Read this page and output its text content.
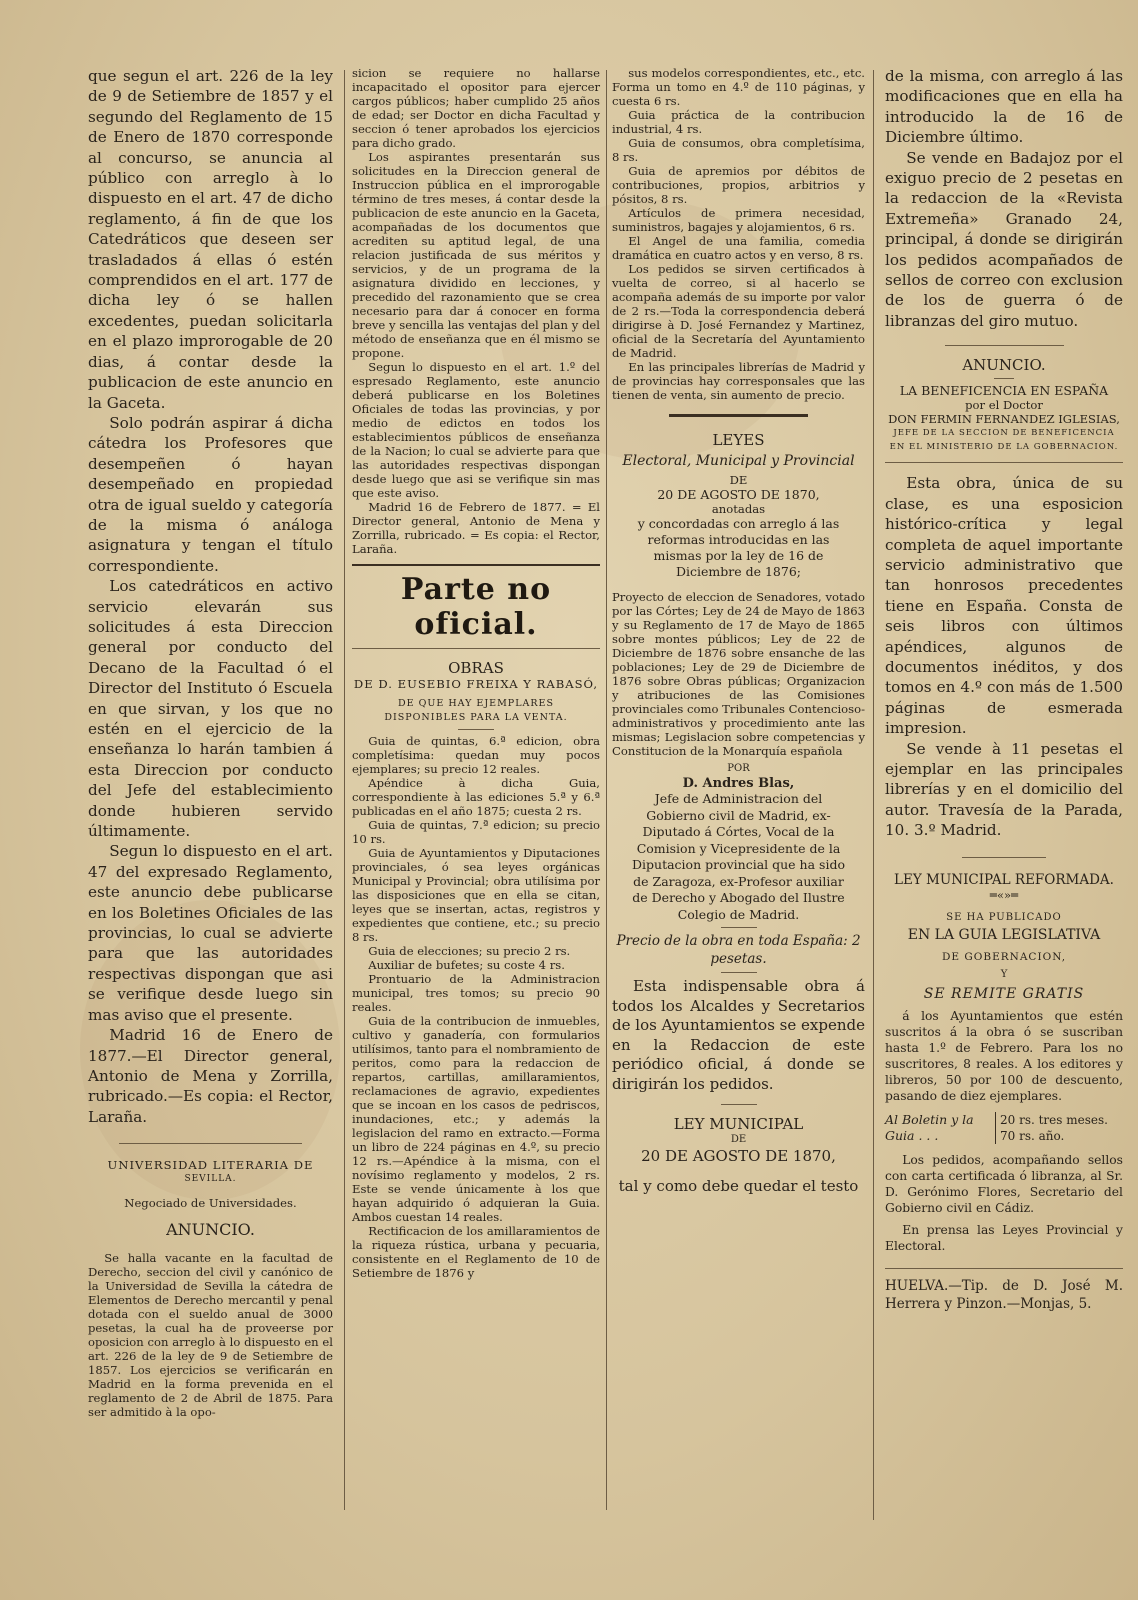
que segun el art. 226 de la ley de 9 de Setiembre de 1857 y el segundo del Reglamento de 15 de Enero de 1870 corresponde al concurso, se anuncia al público con arreglo à lo dispuesto en el art. 47 de dicho reglamento, á fin de que los Catedráticos que deseen ser trasladados á ellas ó estén comprendidos en el art. 177 de dicha ley ó se hallen excedentes, puedan solicitarla en el plazo improrogable de 20 dias, á contar desde la publicacion de este anuncio en la Gaceta.

Solo podrán aspirar á dicha cátedra los Profesores que desempeñen ó hayan desempeñado en propiedad otra de igual sueldo y categoría de la misma ó análoga asignatura y tengan el título correspondiente.

Los catedráticos en activo servicio elevarán sus solicitudes á esta Direccion general por conducto del Decano de la Facultad ó el Director del Instituto ó Escuela en que sirvan, y los que no estén en el ejercicio de la enseñanza lo harán tambien á esta Direccion por conducto del Jefe del establecimiento donde hubieren servido últimamente.

Segun lo dispuesto en el art. 47 del expresado Reglamento, este anuncio debe publicarse en los Boletines Oficiales de las provincias, lo cual se advierte para que las autoridades respectivas dispongan que asi se verifique desde luego sin mas aviso que el presente.

Madrid 16 de Enero de 1877.—El Director general, Antonio de Mena y Zorrilla, rubricado.—Es copia: el Rector, Laraña.

UNIVERSIDAD LITERARIA DE

SEVILLA.

Negociado de Universidades.

ANUNCIO.

Se halla vacante en la facultad de Derecho, seccion del civil y canónico de la Universidad de Sevilla la cátedra de Elementos de Derecho mercantil y penal dotada con el sueldo anual de 3000 pesetas, la cual ha de proveerse por oposicion con arreglo à lo dispuesto en el art. 226 de la ley de 9 de Setiembre de 1857. Los ejercicios se verificarán en Madrid en la forma prevenida en el reglamento de 2 de Abril de 1875. Para ser admitido à la opo-

sicion se requiere no hallarse incapacitado el opositor para ejercer cargos públicos; haber cumplido 25 años de edad; ser Doctor en dicha Facultad y seccion ó tener aprobados los ejercicios para dicho grado.

Los aspirantes presentarán sus solicitudes en la Direccion general de Instruccion pública en el improrogable término de tres meses, á contar desde la publicacion de este anuncio en la Gaceta, acompañadas de los documentos que acrediten su aptitud legal, de una relacion justificada de sus méritos y servicios, y de un programa de la asignatura dividido en lecciones, y precedido del razonamiento que se crea necesario para dar á conocer en forma breve y sencilla las ventajas del plan y del método de enseñanza que en él mismo se propone.

Segun lo dispuesto en el art. 1.º del espresado Reglamento, este anuncio deberá publicarse en los Boletines Oficiales de todas las provincias, y por medio de edictos en todos los establecimientos públicos de enseñanza de la Nacion; lo cual se advierte para que las autoridades respectivas dispongan desde luego que asi se verifique sin mas que este aviso.

Madrid 16 de Febrero de 1877. = El Director general, Antonio de Mena y Zorrilla, rubricado. = Es copia: el Rector, Laraña.

Parte no oficial.

OBRAS

DE D. EUSEBIO FREIXA Y RABASÓ,

DE QUE HAY EJEMPLARES DISPONIBLES PARA LA VENTA.

Guia de quintas, 6.ª edicion, obra completísima: quedan muy pocos ejemplares; su precio 12 reales.

Apéndice à dicha Guia, correspondiente à las ediciones 5.ª y 6.ª publicadas en el año 1875; cuesta 2 rs.

Guia de quintas, 7.ª edicion; su precio 10 rs.

Guia de Ayuntamientos y Diputaciones provinciales, ó sea leyes orgánicas Municipal y Provincial; obra utilísima por las disposiciones que en ella se citan, leyes que se insertan, actas, registros y expedientes que contiene, etc.; su precio 8 rs.

Guia de elecciones; su precio 2 rs.

Auxiliar de bufetes; su coste 4 rs.

Prontuario de la Administracion municipal, tres tomos; su precio 90 reales.

Guia de la contribucion de inmuebles, cultivo y ganadería, con formularios utilísimos, tanto para el nombramiento de peritos, como para la redaccion de repartos, cartillas, amillaramientos, reclamaciones de agravio, expedientes que se incoan en los casos de pedriscos, inundaciones, etc.; y además la legislacion del ramo en extracto.—Forma un libro de 224 páginas en 4.º, su precio 12 rs.—Apéndice à la misma, con el novísimo reglamento y modelos, 2 rs. Este se vende únicamente à los que hayan adquirido ó adquieran la Guia. Ambos cuestan 14 reales.

Rectificacion de los amillaramientos de la riqueza rústica, urbana y pecuaria, consistente en el Reglamento de 10 de Setiembre de 1876 y

sus modelos correspondientes, etc., etc. Forma un tomo en 4.º de 110 páginas, y cuesta 6 rs.

Guia práctica de la contribucion industrial, 4 rs.

Guia de consumos, obra completísima, 8 rs.

Guia de apremios por débitos de contribuciones, propios, arbitrios y pósitos, 8 rs.

Artículos de primera necesidad, suministros, bagajes y alojamientos, 6 rs.

El Angel de una familia, comedia dramática en cuatro actos y en verso, 8 rs.

Los pedidos se sirven certificados à vuelta de correo, si al hacerlo se acompaña además de su importe por valor de 2 rs.—Toda la correspondencia deberá dirigirse à D. José Fernandez y Martinez, oficial de la Secretaría del Ayuntamiento de Madrid.

En las principales librerías de Madrid y de provincias hay corresponsales que las tienen de venta, sin aumento de precio.

LEYES

Electoral, Municipal y Provincial

DE

20 DE AGOSTO DE 1870,

anotadas

y concordadas con arreglo á las reformas introducidas en las mismas por la ley de 16 de Diciembre de 1876;

Proyecto de eleccion de Senadores, votado por las Córtes; Ley de 24 de Mayo de 1863 y su Reglamento de 17 de Mayo de 1865 sobre montes públicos; Ley de 22 de Diciembre de 1876 sobre ensanche de las poblaciones; Ley de 29 de Diciembre de 1876 sobre Obras públicas; Organizacion y atribuciones de las Comisiones provinciales como Tribunales Contencioso-administrativos y procedimiento ante las mismas; Legislacion sobre competencias y Constitucion de la Monarquía española

POR

D. Andres Blas,

Jefe de Administracion del Gobierno civil de Madrid, ex-Diputado á Córtes, Vocal de la Comision y Vicepresidente de la Diputacion provincial que ha sido de Zaragoza, ex-Profesor auxiliar de Derecho y Abogado del Ilustre Colegio de Madrid.

Precio de la obra en toda España: 2 pesetas.

Esta indispensable obra á todos los Alcaldes y Secretarios de los Ayuntamientos se expende en la Redaccion de este periódico oficial, á donde se dirigirán los pedidos.

LEY MUNICIPAL

DE

20 DE AGOSTO DE 1870,

tal y como debe quedar el testo

de la misma, con arreglo á las modificaciones que en ella ha introducido la de 16 de Diciembre último.

Se vende en Badajoz por el exiguo precio de 2 pesetas en la redaccion de la «Revista Extremeña» Granado 24, principal, á donde se dirigirán los pedidos acompañados de sellos de correo con exclusion de los de guerra ó de libranzas del giro mutuo.

ANUNCIO.

LA BENEFICENCIA EN ESPAÑA

por el Doctor

DON FERMIN FERNANDEZ IGLESIAS,

JEFE DE LA SECCION DE BENEFICENCIA EN EL MINISTERIO DE LA GOBERNACION.

Esta obra, única de su clase, es una esposicion histórico-crítica y legal completa de aquel importante servicio administrativo que tan honrosos precedentes tiene en España. Consta de seis libros con últimos apéndices, algunos de documentos inéditos, y dos tomos en 4.º con más de 1.500 páginas de esmerada impresion.

Se vende à 11 pesetas el ejemplar en las principales librerías y en el domicilio del autor. Travesía de la Parada, 10. 3.º Madrid.

LEY MUNICIPAL REFORMADA.

═«»═

SE HA PUBLICADO

EN LA GUIA LEGISLATIVA

DE GOBERNACION,

Y

SE REMITE GRATIS

á los Ayuntamientos que estén suscritos á la obra ó se suscriban hasta 1.º de Febrero. Para los no suscritores, 8 reales. A los editores y libreros, 50 por 100 de descuento, pasando de diez ejemplares.

Al Boletin y la Guia . . .
20 rs. tres meses.
70 rs. año.

Los pedidos, acompañando sellos con carta certificada ó libranza, al Sr. D. Gerónimo Flores, Secretario del Gobierno civil en Cádiz.

En prensa las Leyes Provincial y Electoral.

HUELVA.—Tip. de D. José M. Herrera y Pinzon.—Monjas, 5.
